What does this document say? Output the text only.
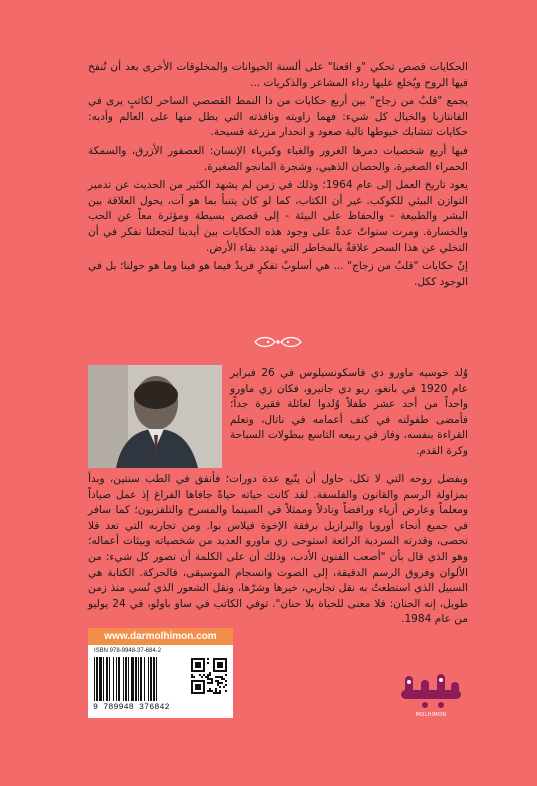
الحكايات قصص تحكي "و اقعنا" على ألسنة الحيوانات والمخلوقات الأخرى بعد أن تُنفخ فيها الروح ويُخلع عليها رداء المشاعر والذكريات ...

يجمع "قلبٌ من زجاج" بين أربع حكايات من ذا النمط القصصي الساحر لكاتبٍ يرى في الفانتازيا والخيال كل شيء: فهما زاويته ونافذته التي يطل منها على العالم وأدبه: حكايات تتشابك خيوطها تالية صعود و انحدار مزرعة فسيحة.

فيها أربع شخصيات دمرها الغرور والغباء وكبرياء الإنسان: العصفور الأزرق، والسمكة الحمراء الصغيرة، والحصان الذهبي، وشجرة المانجو الصغيرة.

يعود تاريخ العمل إلى عام 1964؛ وذلك في زمن لم يشهد الكثير من الحديث عن تدمير التوازن البيئي للكوكب. غير أن الكتاب، كما لو كان يتنبأ بما هو آت، يحول العلاقة بين البشر والطبيعة - والحفاظ على البيئة - إلى قصص بسيطة ومؤثرة معاً عن الحب والخسارة. ومرت سنواتٌ عدةٌ على وجود هذه الحكايات بين أيدينا لتجعلنا نفكر في أن التخلي عن هذا السحر علاقةٌ بالمخاطر التي تهدد بقاء الأرض.

إنّ حكايات "قلبٌ من زجاج" ... هي أسلوبٌ تفكرٍ فريدٌ فيما هو فينا وما هو حولنا؛ بل في الوجود ككل.

وُلد خوسيه ماورو دي فاسكونسيلوس في 26 فبراير عام 1920 في بانغو، ريو دي جانيرو، فكان زي ماورو واحداً من أحد عشر طفلاً وُلدوا لعائلة فقيرة جداً؛ فأمضى طفولته في كنف أعمامه في ناتال، وتعلم القراءة بنفسه، وفاز في ربيعه التاسع ببطولات السباحة وكرة القدم.

وبفضل روحه التي لا تكل، حاول أن يتّبع عدة دورات؛ فأنفق في الطب سنتين، وبدأ بمزاولة الرسم والقانون والفلسفة. لقد كانت حياته حياةً جافاها الفراغ إذ عمل صياداً ومعلماً وعارض أزياء ورافضاً ونادلاً وممثلاً في السينما والمسرح والتلفزيون؛ كما سافر في جميع أنحاء أوروبا والبرازيل برفقة الإخوة فيلاس بوا. ومن تجاربه التي تعد فلا تحصى، وقدرته السردية الرائعة استوحى زي ماورو العديد من شخصياته وبيئات أعماله؛ وهو الذي قال بأن "أصعب الفنون الأدب، وذلك أن على الكلمة أن تصور كل شيء: من الألوان وفروق الرسم الدقيقة، إلى الصوت وانسجام الموسيقى، فالحركة. الكتابة هي السبيل الذي استطعتُ به نقل تجاربي، خيرها وشرّها، ونقل الشعور الذي نُسي منذ زمن طويل، إنه الحنان: فلا معنى للحياة بلا حنان". توفي الكاتب في ساو باولو، في 24 يوليو من عام 1984.

www.darmolhimon.com
ISBN 978-9948-37-684-2
9 789948 376842
MOLHIMON
